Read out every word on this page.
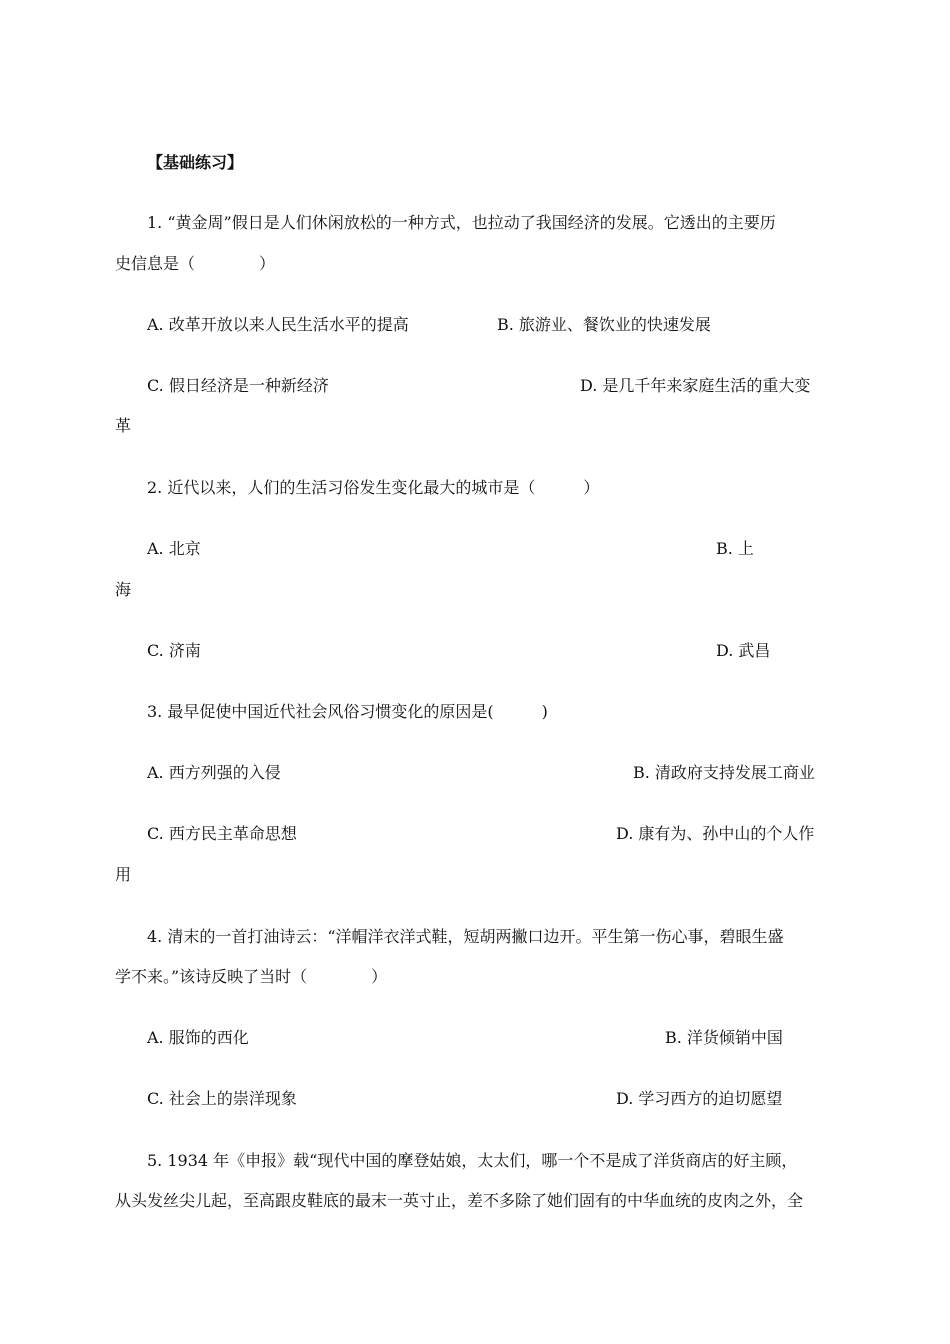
【基础练习】
1. “黄金周”假日是人们休闲放松的一种方式，也拉动了我国经济的发展。它透出的主要历
史信息是（　　　　）
A. 改革开放以来人民生活水平的提高	B. 旅游业、餐饮业的快速发展
C. 假日经济是一种新经济	D. 是几千年来家庭生活的重大变
革
2. 近代以来，人们的生活习俗发生变化最大的城市是（　　　）
A. 北京	B. 上
海
C. 济南	D. 武昌
3. 最早促使中国近代社会风俗习惯变化的原因是(　　　)
A. 西方列强的入侵	B. 清政府支持发展工商业
C. 西方民主革命思想	D. 康有为、孙中山的个人作
用
4. 清末的一首打油诗云：“洋帽洋衣洋式鞋，短胡两撇口边开。平生第一伤心事，碧眼生盛
学不来。”该诗反映了当时（　　　　）
A. 服饰的西化	B. 洋货倾销中国
C. 社会上的崇洋现象	D. 学习西方的迫切愿望
5. 1934 年《申报》载“现代中国的摩登姑娘，太太们，哪一个不是成了洋货商店的好主顾，
从头发丝尖儿起，至高跟皮鞋底的最末一英寸止，差不多除了她们固有的中华血统的皮肉之外，全
